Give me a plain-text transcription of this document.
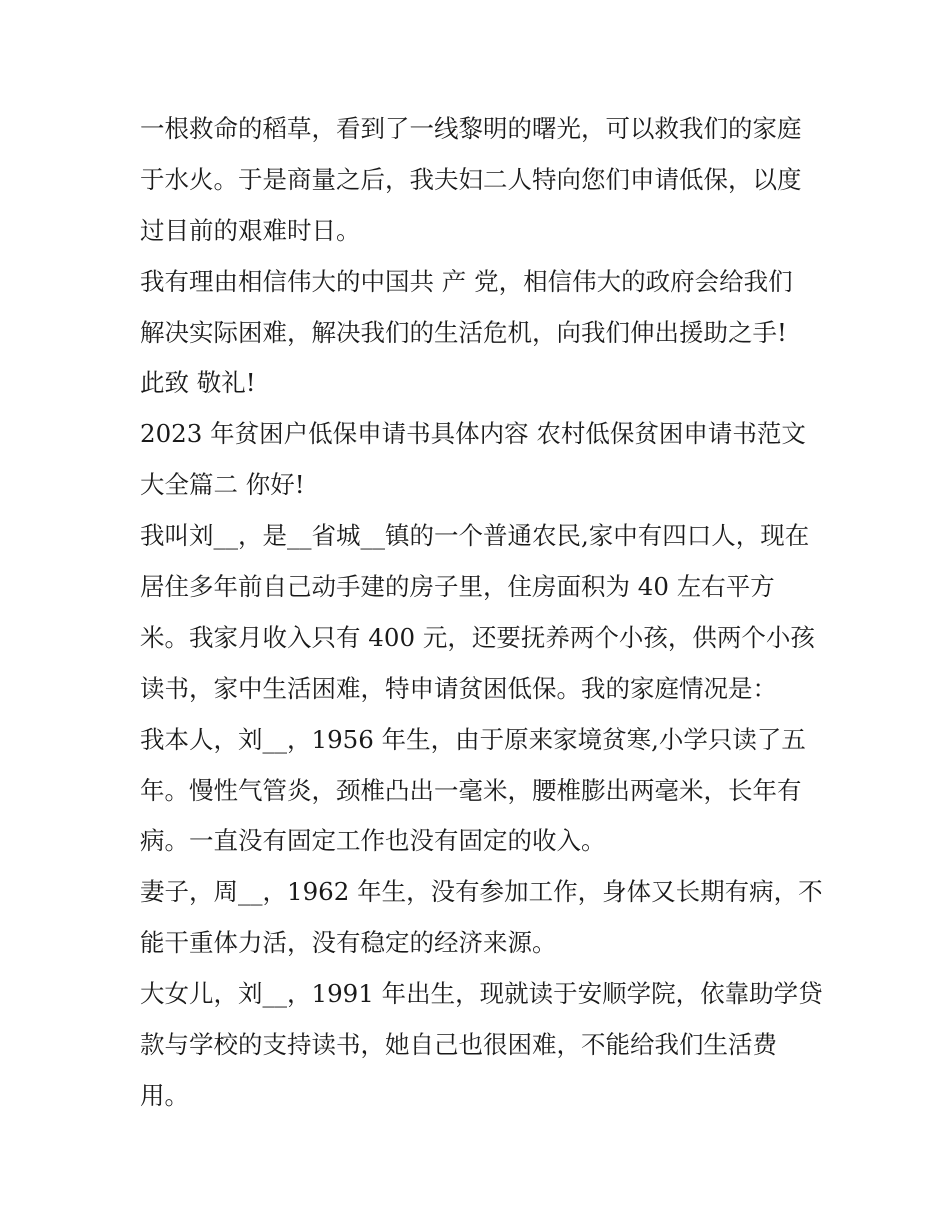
一根救命的稻草，看到了一线黎明的曙光，可以救我们的家庭
于水火。于是商量之后，我夫妇二人特向您们申请低保，以度
过目前的艰难时日。

我有理由相信伟大的中国共 产 党，相信伟大的政府会给我们
解决实际困难，解决我们的生活危机，向我们伸出援助之手!

此致 敬礼!

2023 年贫困户低保申请书具体内容 农村低保贫困申请书范文
大全篇二 你好!

我叫刘__，是__省城__镇的一个普通农民,家中有四口人，现在
居住多年前自己动手建的房子里，住房面积为 40 左右平方
米。我家月收入只有 400 元，还要抚养两个小孩，供两个小孩
读书，家中生活困难，特申请贫困低保。我的家庭情况是：

我本人，刘__，1956 年生，由于原来家境贫寒,小学只读了五
年。慢性气管炎，颈椎凸出一毫米，腰椎膨出两毫米，长年有
病。一直没有固定工作也没有固定的收入。

妻子，周__，1962 年生，没有参加工作，身体又长期有病，不
能干重体力活，没有稳定的经济来源。

大女儿，刘__，1991 年出生，现就读于安顺学院，依靠助学贷
款与学校的支持读书，她自己也很困难，不能给我们生活费
用。
